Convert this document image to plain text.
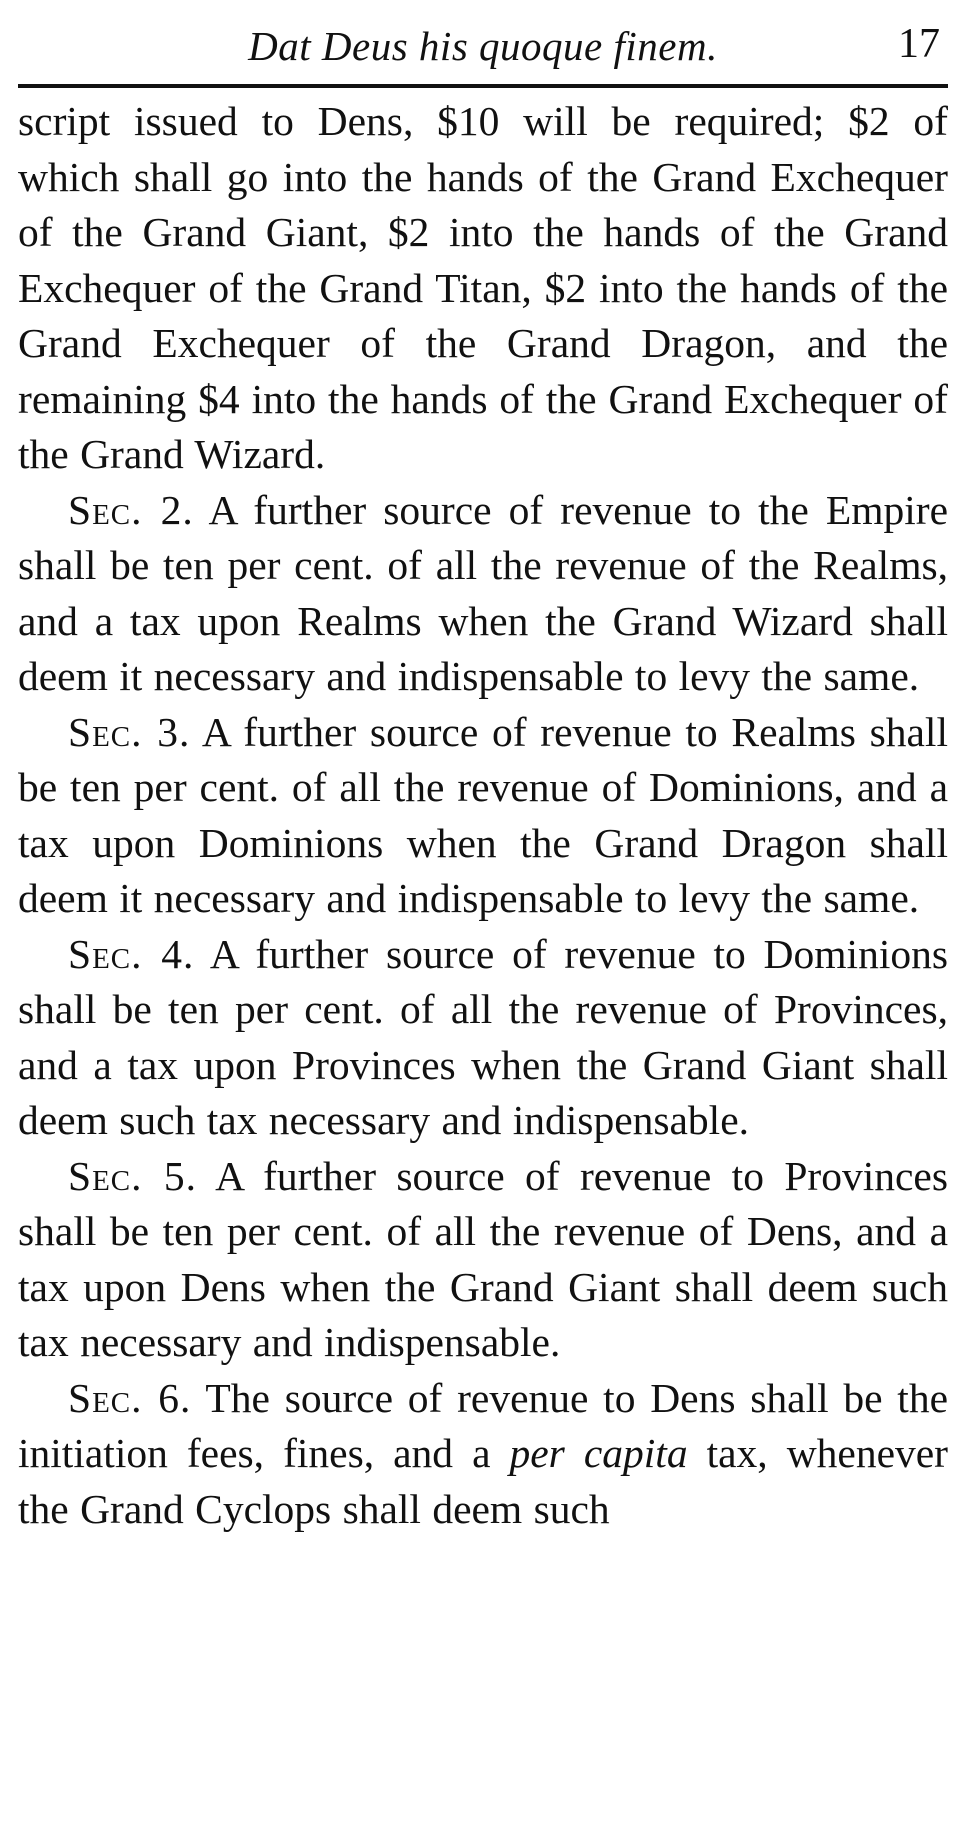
Dat Deus his quoque finem.	17

script issued to Dens, $10 will be required; $2 of which shall go into the hands of the Grand Exchequer of the Grand Giant, $2 into the hands of the Grand Exchequer of the Grand Titan, $2 into the hands of the Grand Exchequer of the Grand Dragon, and the remaining $4 into the hands of the Grand Exchequer of the Grand Wizard.

Sec. 2. A further source of revenue to the Empire shall be ten per cent. of all the revenue of the Realms, and a tax upon Realms when the Grand Wizard shall deem it necessary and indispensable to levy the same.

Sec. 3. A further source of revenue to Realms shall be ten per cent. of all the revenue of Dominions, and a tax upon Dominions when the Grand Dragon shall deem it necessary and indispensable to levy the same.

Sec. 4. A further source of revenue to Dominions shall be ten per cent. of all the revenue of Provinces, and a tax upon Provinces when the Grand Giant shall deem such tax necessary and indispensable.

Sec. 5. A further source of revenue to Provinces shall be ten per cent. of all the revenue of Dens, and a tax upon Dens when the Grand Giant shall deem such tax necessary and indispensable.

Sec. 6. The source of revenue to Dens shall be the initiation fees, fines, and a per capita tax, whenever the Grand Cyclops shall deem such
